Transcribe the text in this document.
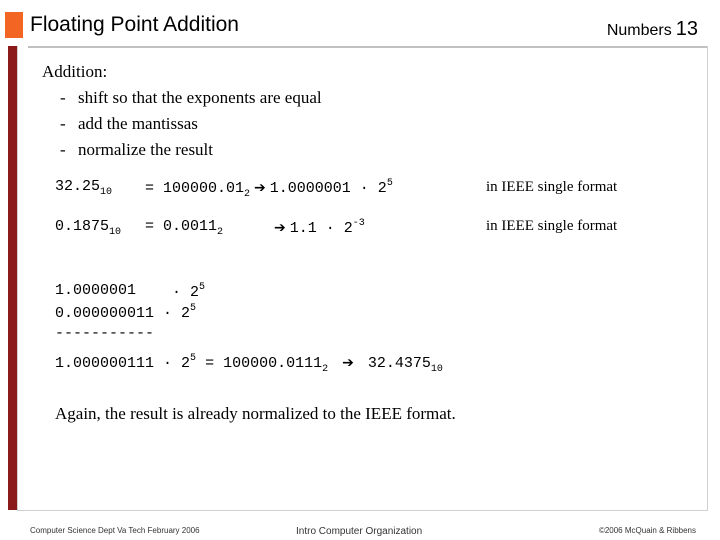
Floating Point Addition	Numbers 13
Addition:
- shift so that the exponents are equal
- add the mantissas
- normalize the result
$32.25_{10} = 100000.01_2$ ➔ $1.0000001 \cdot 2^5$	in IEEE single format
$0.1875_{10} = 0.0011_2$	➔ $1.1 \cdot 2^{-3}$	in IEEE single format
$1.0000001 \cdot 2^5$
$0.000000011 \cdot 2^5$
-----------
$1.000000111 \cdot 2^5 = 100000.0111_2$ ➔ $32.4375_{10}$
Again, the result is already normalized to the IEEE format.
Computer Science Dept Va Tech February 2006	Intro Computer Organization	©2006 McQuain & Ribbens
